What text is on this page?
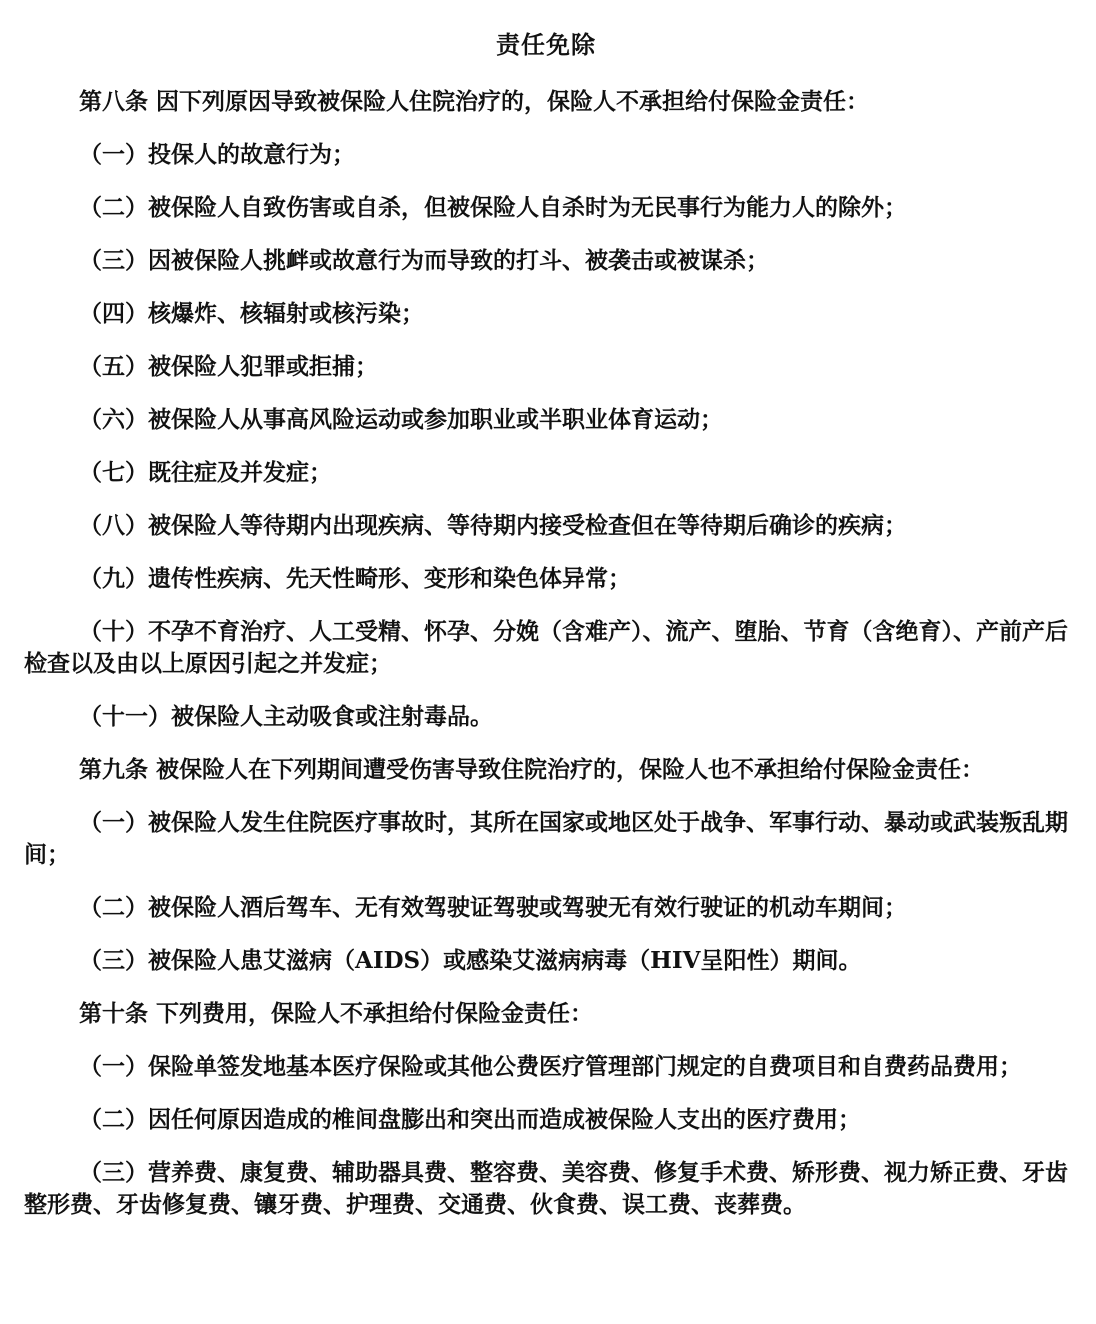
责任免除
第八条 因下列原因导致被保险人住院治疗的，保险人不承担给付保险金责任：
（一）投保人的故意行为；
（二）被保险人自致伤害或自杀，但被保险人自杀时为无民事行为能力人的除外；
（三）因被保险人挑衅或故意行为而导致的打斗、被袭击或被谋杀；
（四）核爆炸、核辐射或核污染；
（五）被保险人犯罪或拒捕；
（六）被保险人从事高风险运动或参加职业或半职业体育运动；
（七）既往症及并发症；
（八）被保险人等待期内出现疾病、等待期内接受检查但在等待期后确诊的疾病；
（九）遗传性疾病、先天性畸形、变形和染色体异常；
（十）不孕不育治疗、人工受精、怀孕、分娩（含难产）、流产、堕胎、节育（含绝育）、产前产后检查以及由以上原因引起之并发症；
（十一）被保险人主动吸食或注射毒品。
第九条 被保险人在下列期间遭受伤害导致住院治疗的，保险人也不承担给付保险金责任：
（一）被保险人发生住院医疗事故时，其所在国家或地区处于战争、军事行动、暴动或武装叛乱期间；
（二）被保险人酒后驾车、无有效驾驶证驾驶或驾驶无有效行驶证的机动车期间；
（三）被保险人患艾滋病（AIDS）或感染艾滋病病毒（HIV呈阳性）期间。
第十条 下列费用，保险人不承担给付保险金责任：
（一）保险单签发地基本医疗保险或其他公费医疗管理部门规定的自费项目和自费药品费用；
（二）因任何原因造成的椎间盘膨出和突出而造成被保险人支出的医疗费用；
（三）营养费、康复费、辅助器具费、整容费、美容费、修复手术费、矫形费、视力矫正费、牙齿整形费、牙齿修复费、镶牙费、护理费、交通费、伙食费、误工费、丧葬费。
